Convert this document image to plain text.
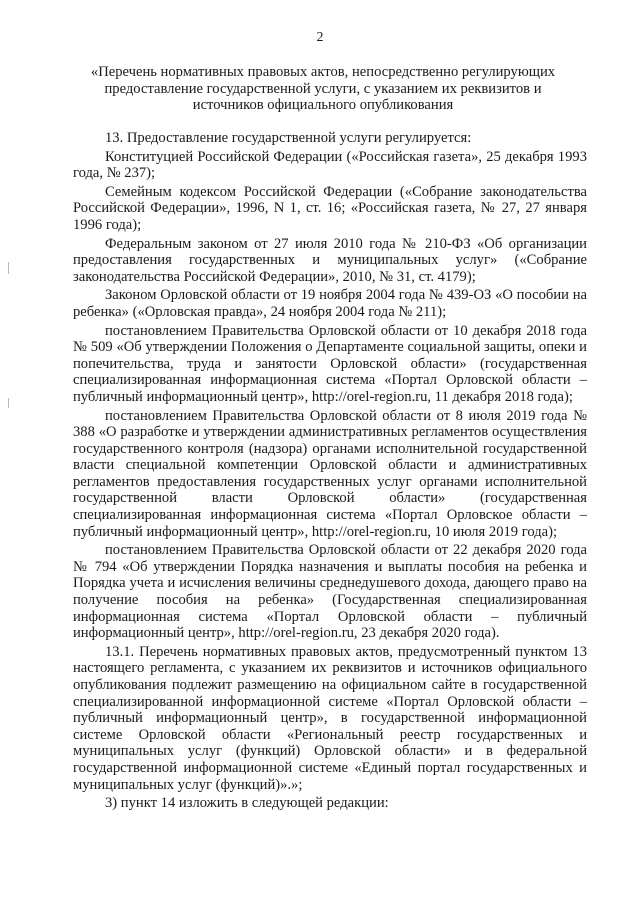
2
«Перечень нормативных правовых актов, непосредственно регулирующих предоставление государственной услуги, с указанием их реквизитов и источников официального опубликования

13. Предоставление государственной услуги регулируется:

Конституцией Российской Федерации («Российская газета», 25 декабря 1993 года, № 237);

Семейным кодексом Российской Федерации («Собрание законодательства Российской Федерации», 1996, N 1, ст. 16; «Российская газета, № 27, 27 января 1996 года);

Федеральным законом от 27 июля 2010 года № 210-ФЗ «Об организации предоставления государственных и муниципальных услуг» («Собрание законодательства Российской Федерации», 2010, № 31, ст. 4179);

Законом Орловской области от 19 ноября 2004 года № 439-ОЗ «О пособии на ребенка» («Орловская правда», 24 ноября 2004 года № 211);

постановлением Правительства Орловской области от 10 декабря 2018 года № 509 «Об утверждении Положения о Департаменте социальной защиты, опеки и попечительства, труда и занятости Орловской области» (государственная специализированная информационная система «Портал Орловской области – публичный информационный центр», http://orel-region.ru, 11 декабря 2018 года);

постановлением Правительства Орловской области от 8 июля 2019 года № 388 «О разработке и утверждении административных регламентов осуществления государственного контроля (надзора) органами исполнительной государственной власти специальной компетенции Орловской области и административных регламентов предоставления государственных услуг органами исполнительной государственной власти Орловской области» (государственная специализированная информационная система «Портал Орловское области – публичный информационный центр», http://orel-region.ru, 10 июля 2019 года);

постановлением Правительства Орловской области от 22 декабря 2020 года № 794 «Об утверждении Порядка назначения и выплаты пособия на ребенка и Порядка учета и исчисления величины среднедушевого дохода, дающего право на получение пособия на ребенка» (Государственная специализированная информационная система «Портал Орловской области – публичный информационный центр», http://orel-region.ru, 23 декабря 2020 года).

13.1. Перечень нормативных правовых актов, предусмотренный пунктом 13 настоящего регламента, с указанием их реквизитов и источников официального опубликования подлежит размещению на официальном сайте в государственной специализированной информационной системе «Портал Орловской области – публичный информационный центр», в государственной информационной системе Орловской области «Региональный реестр государственных и муниципальных услуг (функций) Орловской области» и в федеральной государственной информационной системе «Единый портал государственных и муниципальных услуг (функций)».»;

3) пункт 14 изложить в следующей редакции:
